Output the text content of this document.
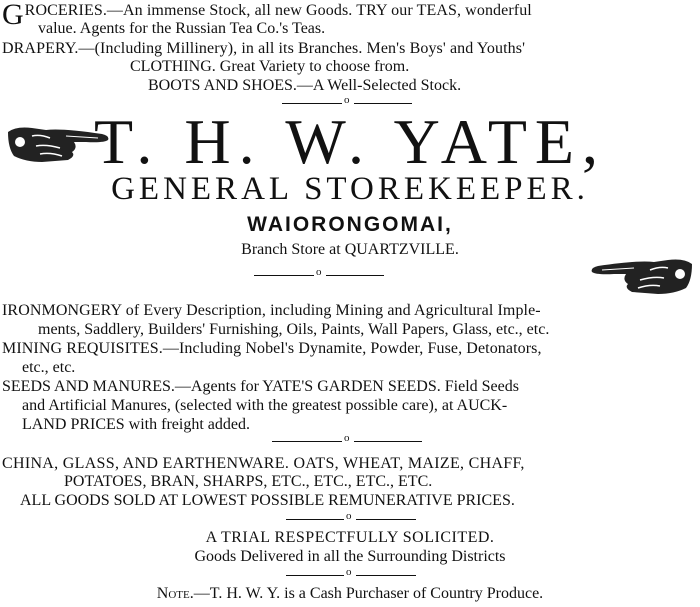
GROCERIES.—An immense Stock, all new Goods. TRY our TEAS, wonderful
value. Agents for the Russian Tea Co.'s Teas.
DRAPERY.—(Including Millinery), in all its Branches. Men's Boys' and Youths'
CLOTHING. Great Variety to choose from.
BOOTS AND SHOES.—A Well-Selected Stock.
o
T. H. W. YATE,
GENERAL STOREKEEPER.
WAIORONGOMAI,
Branch Store at QUARTZVILLE.
o
IRONMONGERY of Every Description, including Mining and Agricultural Imple-
ments, Saddlery, Builders' Furnishing, Oils, Paints, Wall Papers, Glass, etc., etc.
MINING REQUISITES.—Including Nobel's Dynamite, Powder, Fuse, Detonators,
etc., etc.
SEEDS AND MANURES.—Agents for YATE'S GARDEN SEEDS. Field Seeds
and Artificial Manures, (selected with the greatest possible care), at AUCK-
LAND PRICES with freight added.
o
CHINA, GLASS, AND EARTHENWARE. OATS, WHEAT, MAIZE, CHAFF,
POTATOES, BRAN, SHARPS, ETC., ETC., ETC., ETC.
ALL GOODS SOLD AT LOWEST POSSIBLE REMUNERATIVE PRICES.
o
A TRIAL RESPECTFULLY SOLICITED.
Goods Delivered in all the Surrounding Districts
o
Note.—T. H. W. Y. is a Cash Purchaser of Country Produce.
